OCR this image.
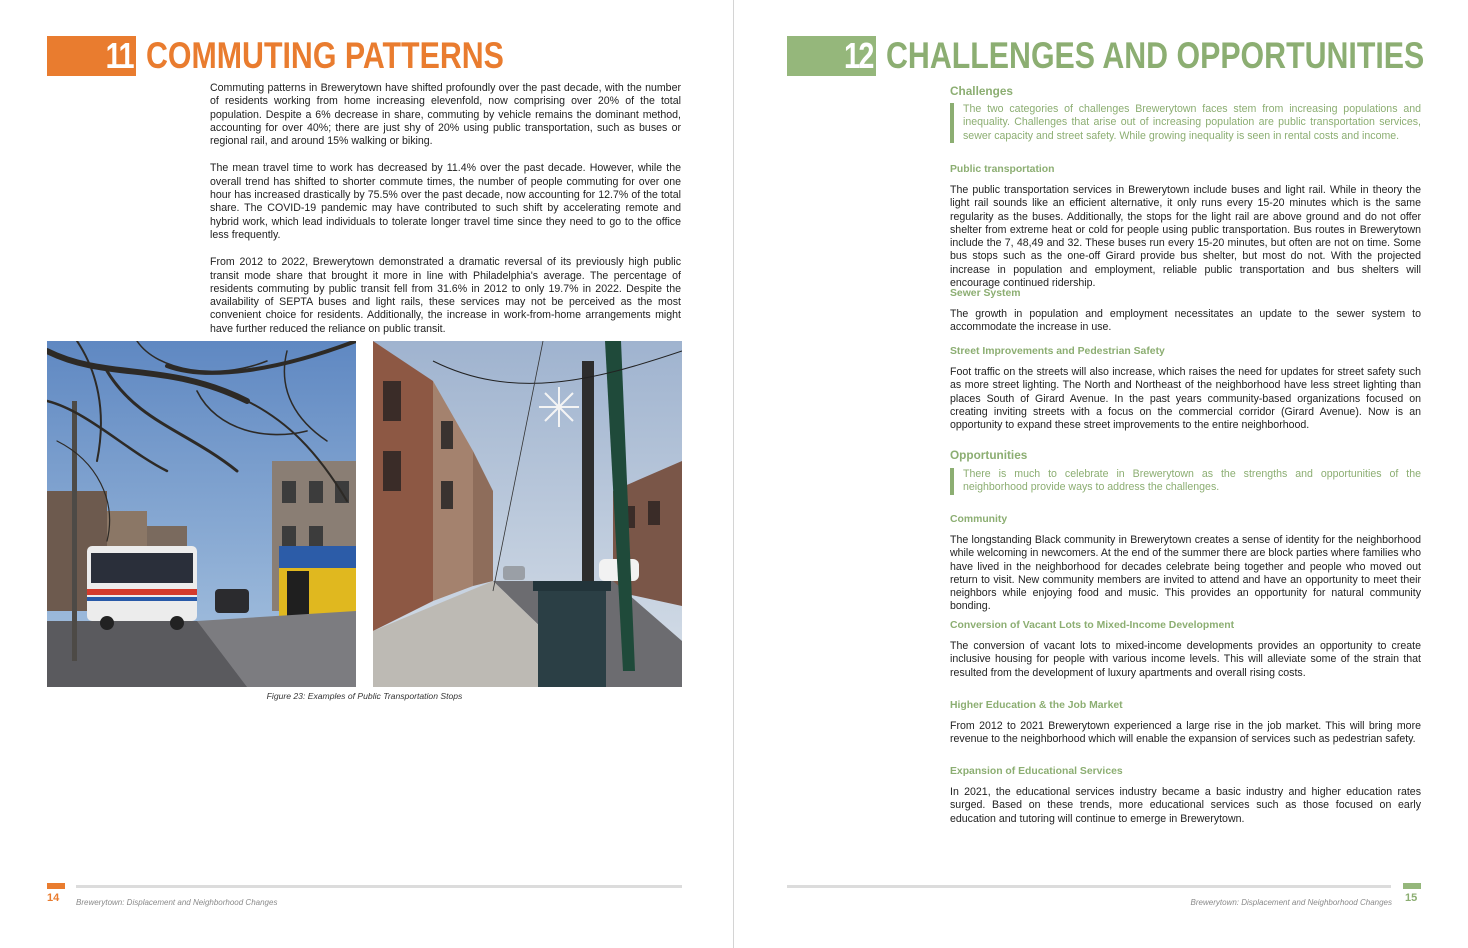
11 COMMUTING PATTERNS

Commuting patterns in Brewerytown have shifted profoundly over the past decade, with the number of residents working from home increasing elevenfold, now comprising over 20% of the total population. Despite a 6% decrease in share, commuting by vehicle remains the dominant method, accounting for over 40%; there are just shy of 20% using public transportation, such as buses or regional rail, and around 15% walking or biking.

The mean travel time to work has decreased by 11.4% over the past decade. However, while the overall trend has shifted to shorter commute times, the number of people commuting for over one hour has increased drastically by 75.5% over the past decade, now accounting for 12.7% of the total share. The COVID-19 pandemic may have contributed to such shift by accelerating remote and hybrid work, which lead individuals to tolerate longer travel time since they need to go to the office less frequently.

From 2012 to 2022, Brewerytown demonstrated a dramatic reversal of its previously high public transit mode share that brought it more in line with Philadelphia's average. The percentage of residents commuting by public transit fell from 31.6% in 2012 to only 19.7% in 2022. Despite the availability of SEPTA buses and light rails, these services may not be perceived as the most convenient choice for residents. Additionally, the increase in work-from-home arrangements might have further reduced the reliance on public transit.

Figure 23: Examples of Public Transportation Stops
14 Brewerytown: Displacement and Neighborhood Changes
12 CHALLENGES AND OPPORTUNITIES
Challenges
The two categories of challenges Brewerytown faces stem from increasing populations and inequality. Challenges that arise out of increasing population are public transportation services, sewer capacity and street safety. While growing inequality is seen in rental costs and income.
Public transportation
The public transportation services in Brewerytown include buses and light rail. While in theory the light rail sounds like an efficient alternative, it only runs every 15-20 minutes which is the same regularity as the buses. Additionally, the stops for the light rail are above ground and do not offer shelter from extreme heat or cold for people using public transportation. Bus routes in Brewerytown include the 7, 48,49 and 32. These buses run every 15-20 minutes, but often are not on time. Some bus stops such as the one-off Girard provide bus shelter, but most do not. With the projected increase in population and employment, reliable public transportation and bus shelters will encourage continued ridership.
Sewer System
The growth in population and employment necessitates an update to the sewer system to accommodate the increase in use.
Street Improvements and Pedestrian Safety
Foot traffic on the streets will also increase, which raises the need for updates for street safety such as more street lighting. The North and Northeast of the neighborhood have less street lighting than places South of Girard Avenue. In the past years community-based organizations focused on creating inviting streets with a focus on the commercial corridor (Girard Avenue). Now is an opportunity to expand these street improvements to the entire neighborhood.
Opportunities
There is much to celebrate in Brewerytown as the strengths and opportunities of the neighborhood provide ways to address the challenges.
Community
The longstanding Black community in Brewerytown creates a sense of identity for the neighborhood while welcoming in newcomers. At the end of the summer there are block parties where families who have lived in the neighborhood for decades celebrate being together and people who moved out return to visit. New community members are invited to attend and have an opportunity to meet their neighbors while enjoying food and music. This provides an opportunity for natural community bonding.
Conversion of Vacant Lots to Mixed-Income Development
The conversion of vacant lots to mixed-income developments provides an opportunity to create inclusive housing for people with various income levels. This will alleviate some of the strain that resulted from the development of luxury apartments and overall rising costs.
Higher Education & the Job Market
From 2012 to 2021 Brewerytown experienced a large rise in the job market. This will bring more revenue to the neighborhood which will enable the expansion of services such as pedestrian safety.
Expansion of Educational Services
In 2021, the educational services industry became a basic industry and higher education rates surged. Based on these trends, more educational services such as those focused on early education and tutoring will continue to emerge in Brewerytown.
15
Brewerytown: Displacement and Neighborhood Changes
